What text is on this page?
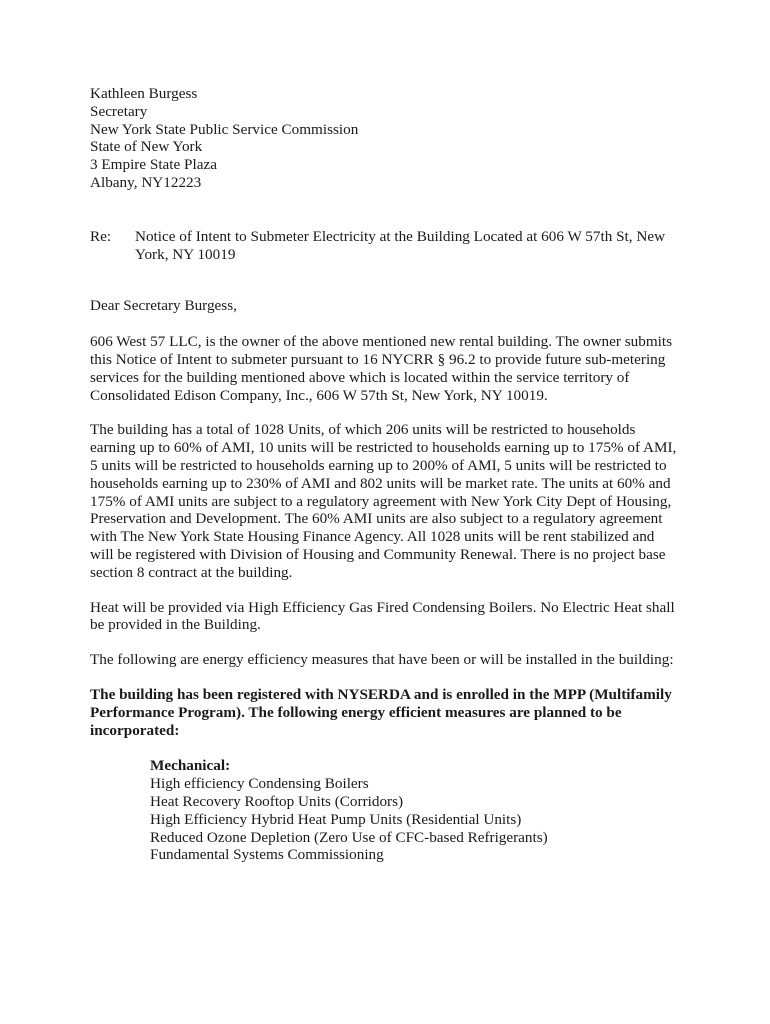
Kathleen Burgess
Secretary
New York State Public Service Commission
State of New York
3 Empire State Plaza
Albany, NY12223
Re:	Notice of Intent to Submeter Electricity at the Building Located at 606 W 57th St, New York, NY 10019
Dear Secretary Burgess,
606 West 57 LLC, is the owner of the above mentioned new rental building. The owner submits this Notice of Intent to submeter pursuant to 16 NYCRR § 96.2 to provide future sub-metering services for the building mentioned above which is located within the service territory of Consolidated Edison Company, Inc., 606 W 57th St, New York, NY 10019.
The building has a total of 1028 Units, of which 206 units will be restricted to households earning up to 60% of AMI, 10 units will be restricted to households earning up to 175% of AMI, 5 units will be restricted to households earning up to 200% of AMI, 5 units will be restricted to households earning up to 230% of AMI and 802 units will be market rate. The units at 60% and 175% of AMI units are subject to a regulatory agreement with New York City Dept of Housing, Preservation and Development. The 60% AMI units are also subject to a regulatory agreement with The New York State Housing Finance Agency. All 1028 units will be rent stabilized and will be registered with Division of Housing and Community Renewal. There is no project base section 8 contract at the building.
Heat will be provided via High Efficiency Gas Fired Condensing Boilers. No Electric Heat shall be provided in the Building.
The following are energy efficiency measures that have been or will be installed in the building:
The building has been registered with NYSERDA and is enrolled in the MPP (Multifamily Performance Program). The following energy efficient measures are planned to be incorporated:
Mechanical:
High efficiency Condensing Boilers
Heat Recovery Rooftop Units (Corridors)
High Efficiency Hybrid Heat Pump Units (Residential Units)
Reduced Ozone Depletion (Zero Use of CFC-based Refrigerants)
Fundamental Systems Commissioning
